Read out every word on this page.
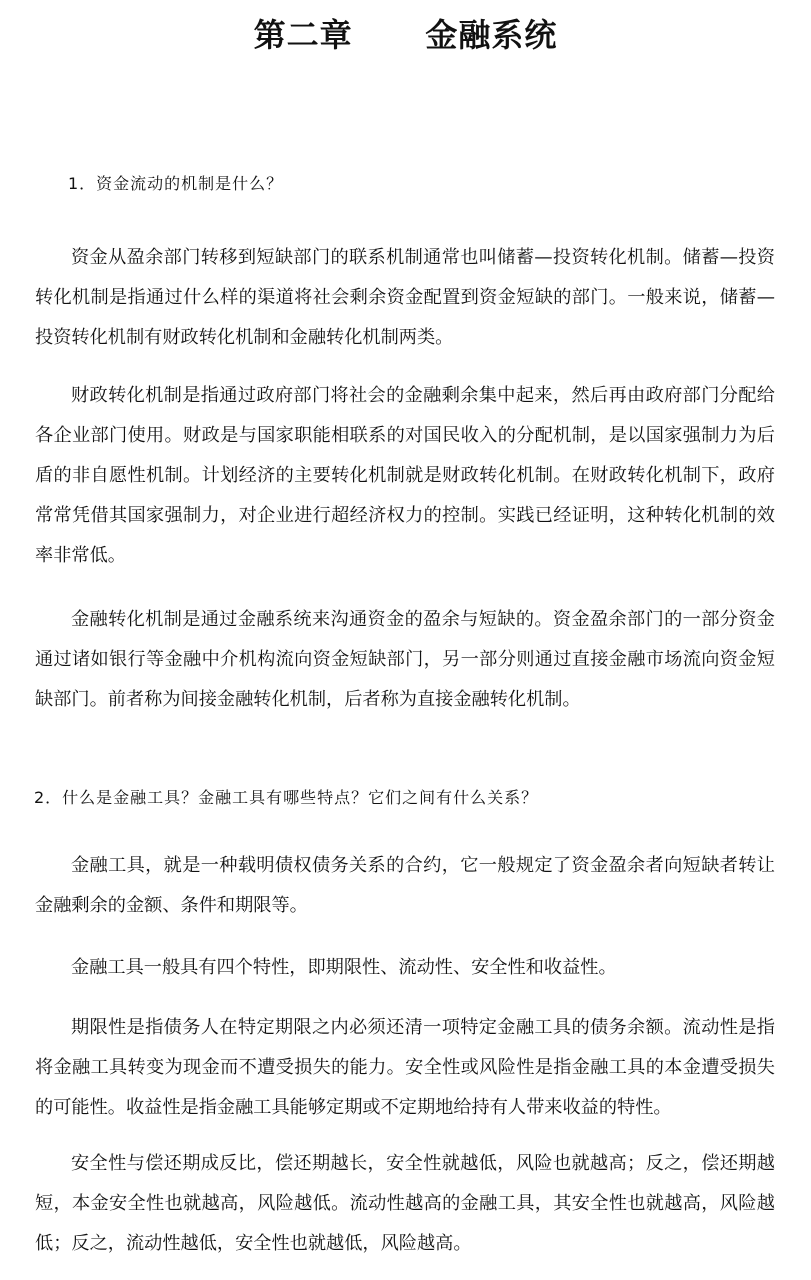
第二章      金融系统
1．资金流动的机制是什么？

资金从盈余部门转移到短缺部门的联系机制通常也叫储蓄—投资转化机制。储蓄—投资转化机制是指通过什么样的渠道将社会剩余资金配置到资金短缺的部门。一般来说，储蓄—投资转化机制有财政转化机制和金融转化机制两类。

财政转化机制是指通过政府部门将社会的金融剩余集中起来，然后再由政府部门分配给各企业部门使用。财政是与国家职能相联系的对国民收入的分配机制，是以国家强制力为后盾的非自愿性机制。计划经济的主要转化机制就是财政转化机制。在财政转化机制下，政府常常凭借其国家强制力，对企业进行超经济权力的控制。实践已经证明，这种转化机制的效率非常低。

金融转化机制是通过金融系统来沟通资金的盈余与短缺的。资金盈余部门的一部分资金通过诸如银行等金融中介机构流向资金短缺部门，另一部分则通过直接金融市场流向资金短缺部门。前者称为间接金融转化机制，后者称为直接金融转化机制。

2．什么是金融工具？金融工具有哪些特点？它们之间有什么关系？

金融工具，就是一种载明债权债务关系的合约，它一般规定了资金盈余者向短缺者转让金融剩余的金额、条件和期限等。

金融工具一般具有四个特性，即期限性、流动性、安全性和收益性。

期限性是指债务人在特定期限之内必须还清一项特定金融工具的债务余额。流动性是指将金融工具转变为现金而不遭受损失的能力。安全性或风险性是指金融工具的本金遭受损失的可能性。收益性是指金融工具能够定期或不定期地给持有人带来收益的特性。

安全性与偿还期成反比，偿还期越长，安全性就越低，风险也就越高；反之，偿还期越短，本金安全性也就越高，风险越低。流动性越高的金融工具，其安全性也就越高，风险越低；反之，流动性越低，安全性也就越低，风险越高。
